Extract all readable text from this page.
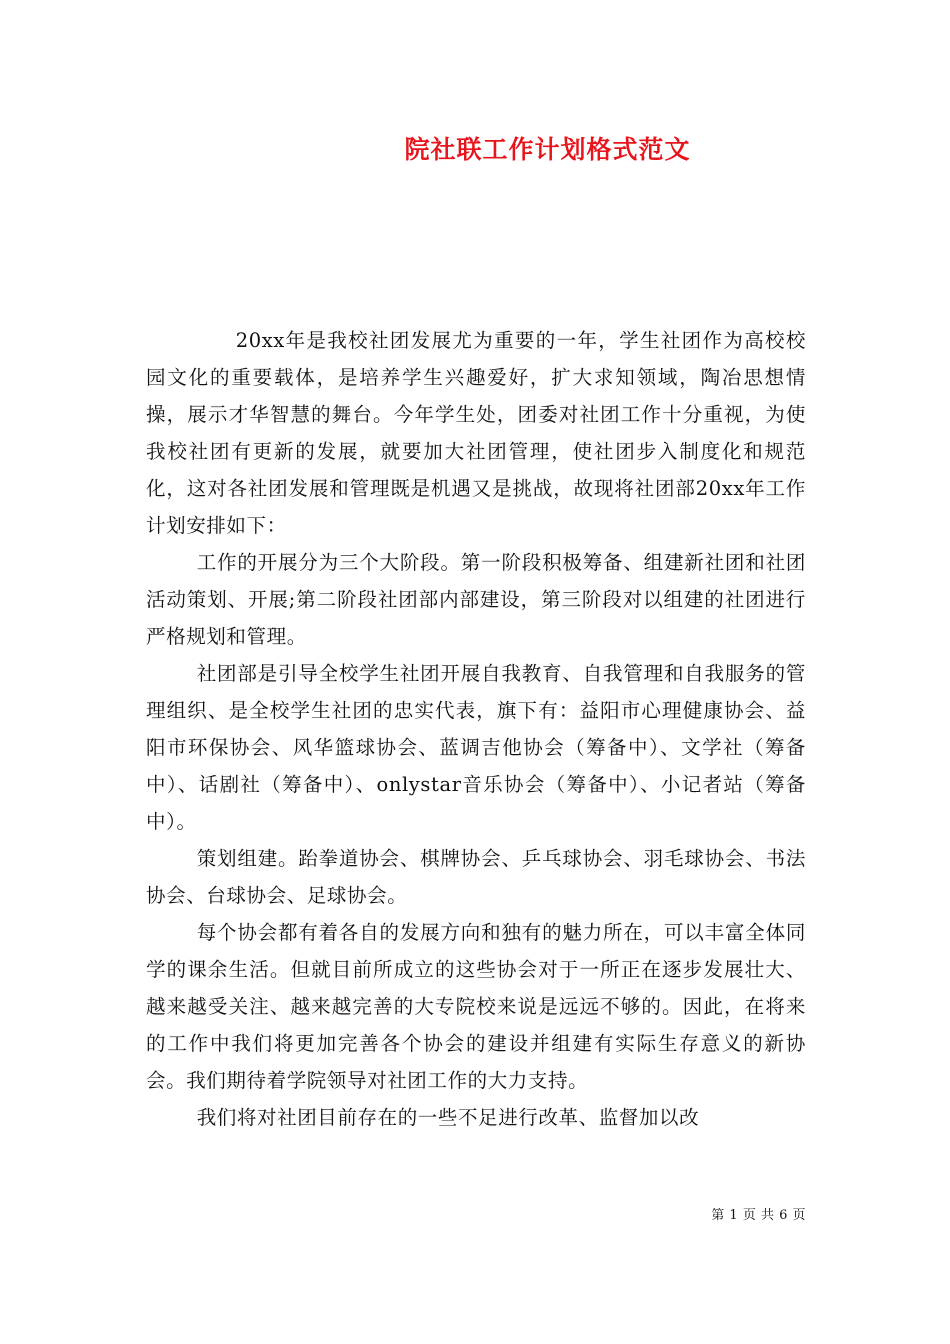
院社联工作计划格式范文

20xx年是我校社团发展尤为重要的一年，学生社团作为高校校园文化的重要载体，是培养学生兴趣爱好，扩大求知领域，陶冶思想情操，展示才华智慧的舞台。今年学生处，团委对社团工作十分重视，为使我校社团有更新的发展，就要加大社团管理，使社团步入制度化和规范化，这对各社团发展和管理既是机遇又是挑战，故现将社团部20xx年工作计划安排如下：

工作的开展分为三个大阶段。第一阶段积极筹备、组建新社团和社团活动策划、开展;第二阶段社团部内部建设，第三阶段对以组建的社团进行严格规划和管理。

社团部是引导全校学生社团开展自我教育、自我管理和自我服务的管理组织、是全校学生社团的忠实代表，旗下有：益阳市心理健康协会、益阳市环保协会、风华篮球协会、蓝调吉他协会（筹备中）、文学社（筹备中）、话剧社（筹备中）、onlystar音乐协会（筹备中）、小记者站（筹备中）。

策划组建。跆拳道协会、棋牌协会、乒乓球协会、羽毛球协会、书法协会、台球协会、足球协会。

每个协会都有着各自的发展方向和独有的魅力所在，可以丰富全体同学的课余生活。但就目前所成立的这些协会对于一所正在逐步发展壮大、越来越受关注、越来越完善的大专院校来说是远远不够的。因此，在将来的工作中我们将更加完善各个协会的建设并组建有实际生存意义的新协会。我们期待着学院领导对社团工作的大力支持。

我们将对社团目前存在的一些不足进行改革、监督加以改

第 1 页 共 6 页
